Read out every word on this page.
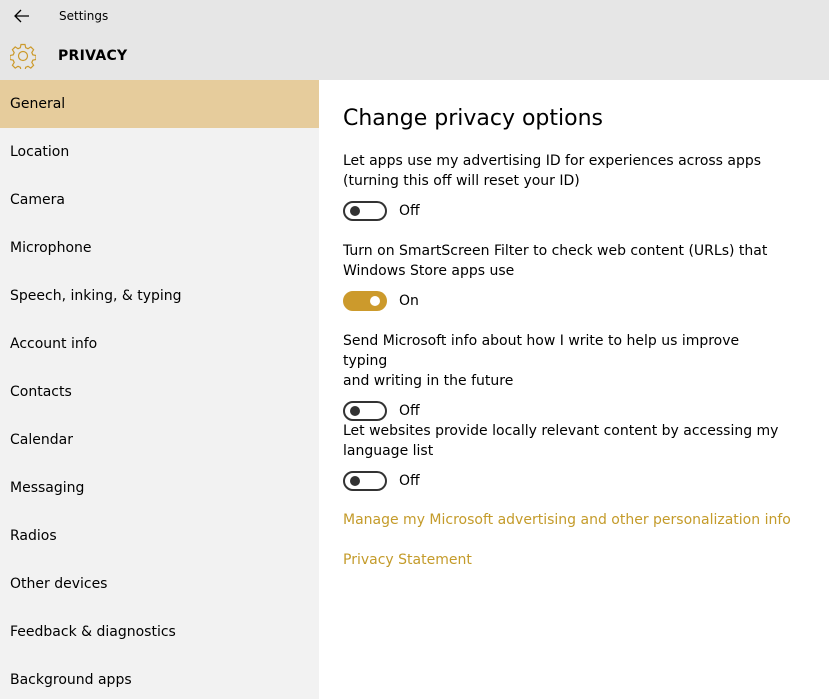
Settings
PRIVACY
General
Location
Camera
Microphone
Speech, inking, & typing
Account info
Contacts
Calendar
Messaging
Radios
Other devices
Feedback & diagnostics
Background apps
Change privacy options
Let apps use my advertising ID for experiences across apps
(turning this off will reset your ID)
Off
Turn on SmartScreen Filter to check web content (URLs) that
Windows Store apps use
On
Send Microsoft info about how I write to help us improve typing
and writing in the future
Off
Let websites provide locally relevant content by accessing my
language list
Off
Manage my Microsoft advertising and other personalization info
Privacy Statement
